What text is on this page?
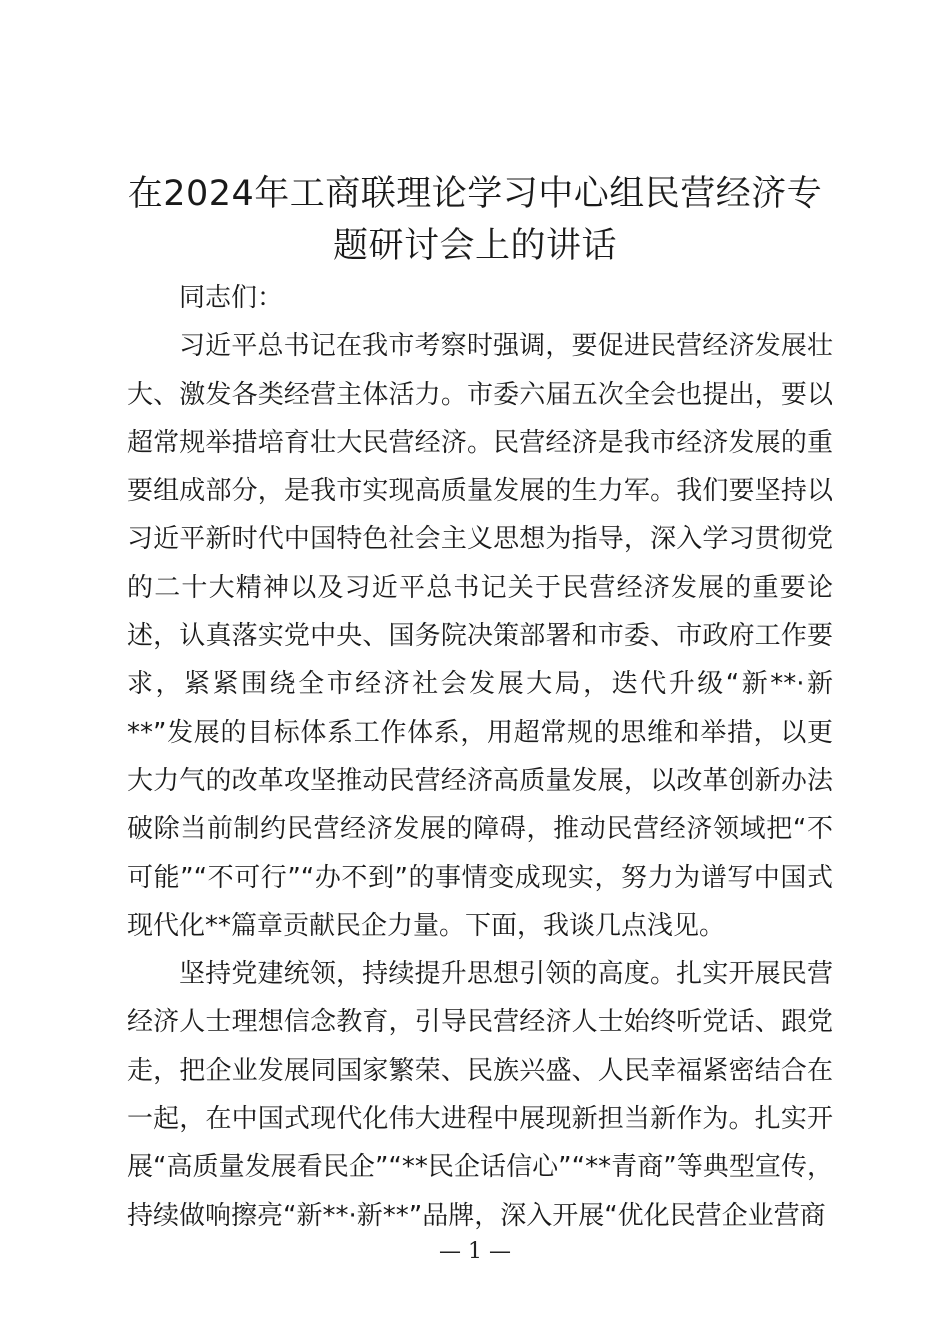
在2024年工商联理论学习中心组民营经济专题研讨会上的讲话

同志们：

习近平总书记在我市考察时强调，要促进民营经济发展壮大、激发各类经营主体活力。市委六届五次全会也提出，要以超常规举措培育壮大民营经济。民营经济是我市经济发展的重要组成部分，是我市实现高质量发展的生力军。我们要坚持以习近平新时代中国特色社会主义思想为指导，深入学习贯彻党的二十大精神以及习近平总书记关于民营经济发展的重要论述，认真落实党中央、国务院决策部署和市委、市政府工作要求，紧紧围绕全市经济社会发展大局，迭代升级“新**·新**”发展的目标体系工作体系，用超常规的思维和举措，以更大力气的改革攻坚推动民营经济高质量发展，以改革创新办法破除当前制约民营经济发展的障碍，推动民营经济领域把“不可能”“不可行”“办不到”的事情变成现实，努力为谱写中国式现代化**篇章贡献民企力量。下面，我谈几点浅见。

坚持党建统领，持续提升思想引领的高度。扎实开展民营经济人士理想信念教育，引导民营经济人士始终听党话、跟党走，把企业发展同国家繁荣、民族兴盛、人民幸福紧密结合在一起，在中国式现代化伟大进程中展现新担当新作为。扎实开展“高质量发展看民企”“**民企话信心”“**青商”等典型宣传，持续做响擦亮“新**·新**”品牌，深入开展“优化民营企业营商

— 1 —
